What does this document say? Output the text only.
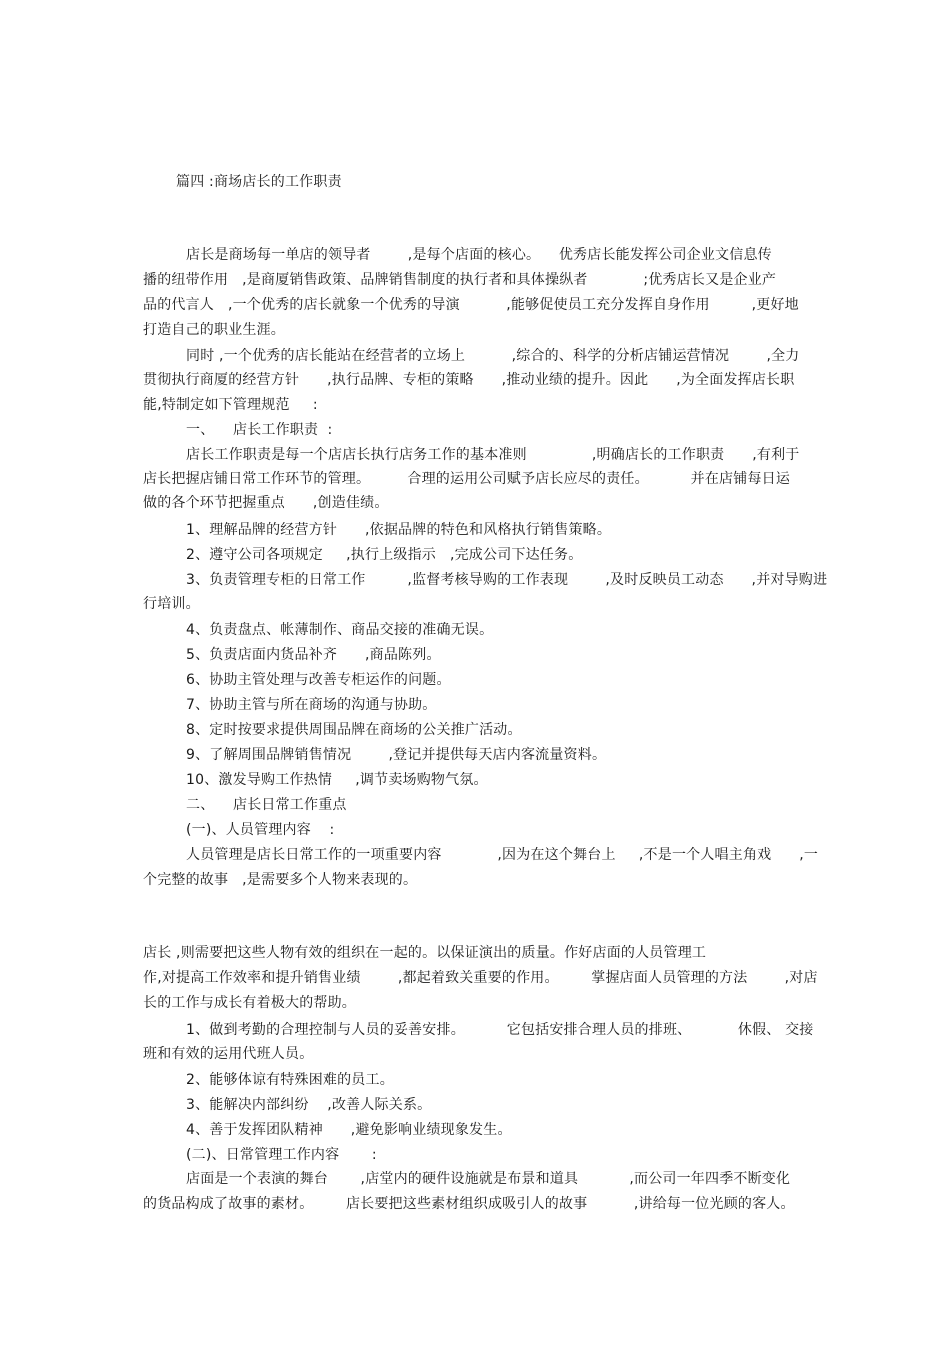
篇四 :商场店长的工作职责
店长是商场每一单店的领导者        ,是每个店面的核心。    优秀店长能发挥公司企业文信息传
播的纽带作用   ,是商厦销售政策、品牌销售制度的执行者和具体操纵者            ;优秀店长又是企业产
品的代言人   ,一个优秀的店长就象一个优秀的导演          ,能够促使员工充分发挥自身作用         ,更好地
打造自己的职业生涯。
同时 ,一个优秀的店长能站在经营者的立场上          ,综合的、科学的分析店铺运营情况        ,全力
贯彻执行商厦的经营方针      ,执行品牌、专柜的策略      ,推动业绩的提升。因此      ,为全面发挥店长职
能,特制定如下管理规范     :
一、    店长工作职责  :
店长工作职责是每一个店店长执行店务工作的基本准则              ,明确店长的工作职责      ,有利于
店长把握店铺日常工作环节的管理。        合理的运用公司赋予店长应尽的责任。         并在店铺每日运
做的各个环节把握重点      ,创造佳绩。
1、理解品牌的经营方针      ,依据品牌的特色和风格执行销售策略。
2、遵守公司各项规定     ,执行上级指示   ,完成公司下达任务。
3、负责管理专柜的日常工作         ,监督考核导购的工作表现        ,及时反映员工动态      ,并对导购进
行培训。
4、负责盘点、帐薄制作、商品交接的准确无误。
5、负责店面内货品补齐      ,商品陈列。
6、协助主管处理与改善专柜运作的问题。
7、协助主管与所在商场的沟通与协助。
8、定时按要求提供周围品牌在商场的公关推广活动。
9、了解周围品牌销售情况        ,登记并提供每天店内客流量资料。
10、激发导购工作热情     ,调节卖场购物气氛。
二、    店长日常工作重点
(一)、人员管理内容    :
人员管理是店长日常工作的一项重要内容            ,因为在这个舞台上     ,不是一个人唱主角戏      ,一
个完整的故事   ,是需要多个人物来表现的。
店长 ,则需要把这些人物有效的组织在一起的。以保证演出的质量。作好店面的人员管理工
作,对提高工作效率和提升销售业绩        ,都起着致关重要的作用。       掌握店面人员管理的方法        ,对店
长的工作与成长有着极大的帮助。
1、做到考勤的合理控制与人员的妥善安排。         它包括安排合理人员的排班、          休假、 交接
班和有效的运用代班人员。
2、能够体谅有特殊困难的员工。
3、能解决内部纠纷    ,改善人际关系。
4、善于发挥团队精神      ,避免影响业绩现象发生。
(二)、日常管理工作内容       :
店面是一个表演的舞台       ,店堂内的硬件设施就是布景和道具           ,而公司一年四季不断变化
的货品构成了故事的素材。       店长要把这些素材组织成吸引人的故事          ,讲给每一位光顾的客人。
